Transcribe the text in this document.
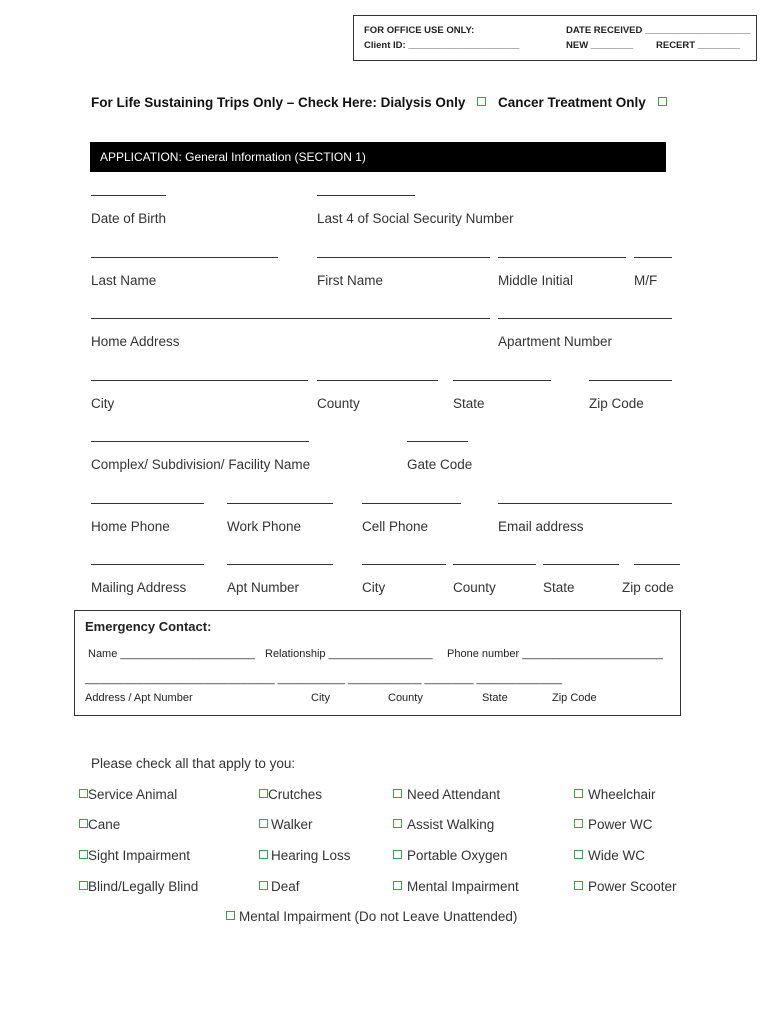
FOR OFFICE USE ONLY:
Client ID: _____________________
DATE RECEIVED ____________________
NEW ________ RECERT ________
For Life Sustaining Trips Only – Check Here: Dialysis Only	Cancer Treatment Only
APPLICATION: General Information (SECTION 1)
Date of Birth	Last 4 of Social Security Number
Last Name	First Name	Middle Initial	M/F
Home Address	Apartment Number
City	County	State	Zip Code
Complex/ Subdivision/ Facility Name	Gate Code
Home Phone	Work Phone	Cell Phone	Email address
Mailing Address	Apt Number	City	County	State	Zip code
Emergency Contact:
Name ______________________ Relationship _________________ Phone number _______________________
_______________________________ ___________ ____________ ________ ______________
Address / Apt Number	City	County	State	Zip Code
Please check all that apply to you:
Service Animal
Cane
Sight Impairment
Blind/Legally Blind
Crutches
Walker
Hearing Loss
Deaf
Need Attendant
Assist Walking
Portable Oxygen
Mental Impairment
Wheelchair
Power WC
Wide WC
Power Scooter
Mental Impairment (Do not Leave Unattended)
